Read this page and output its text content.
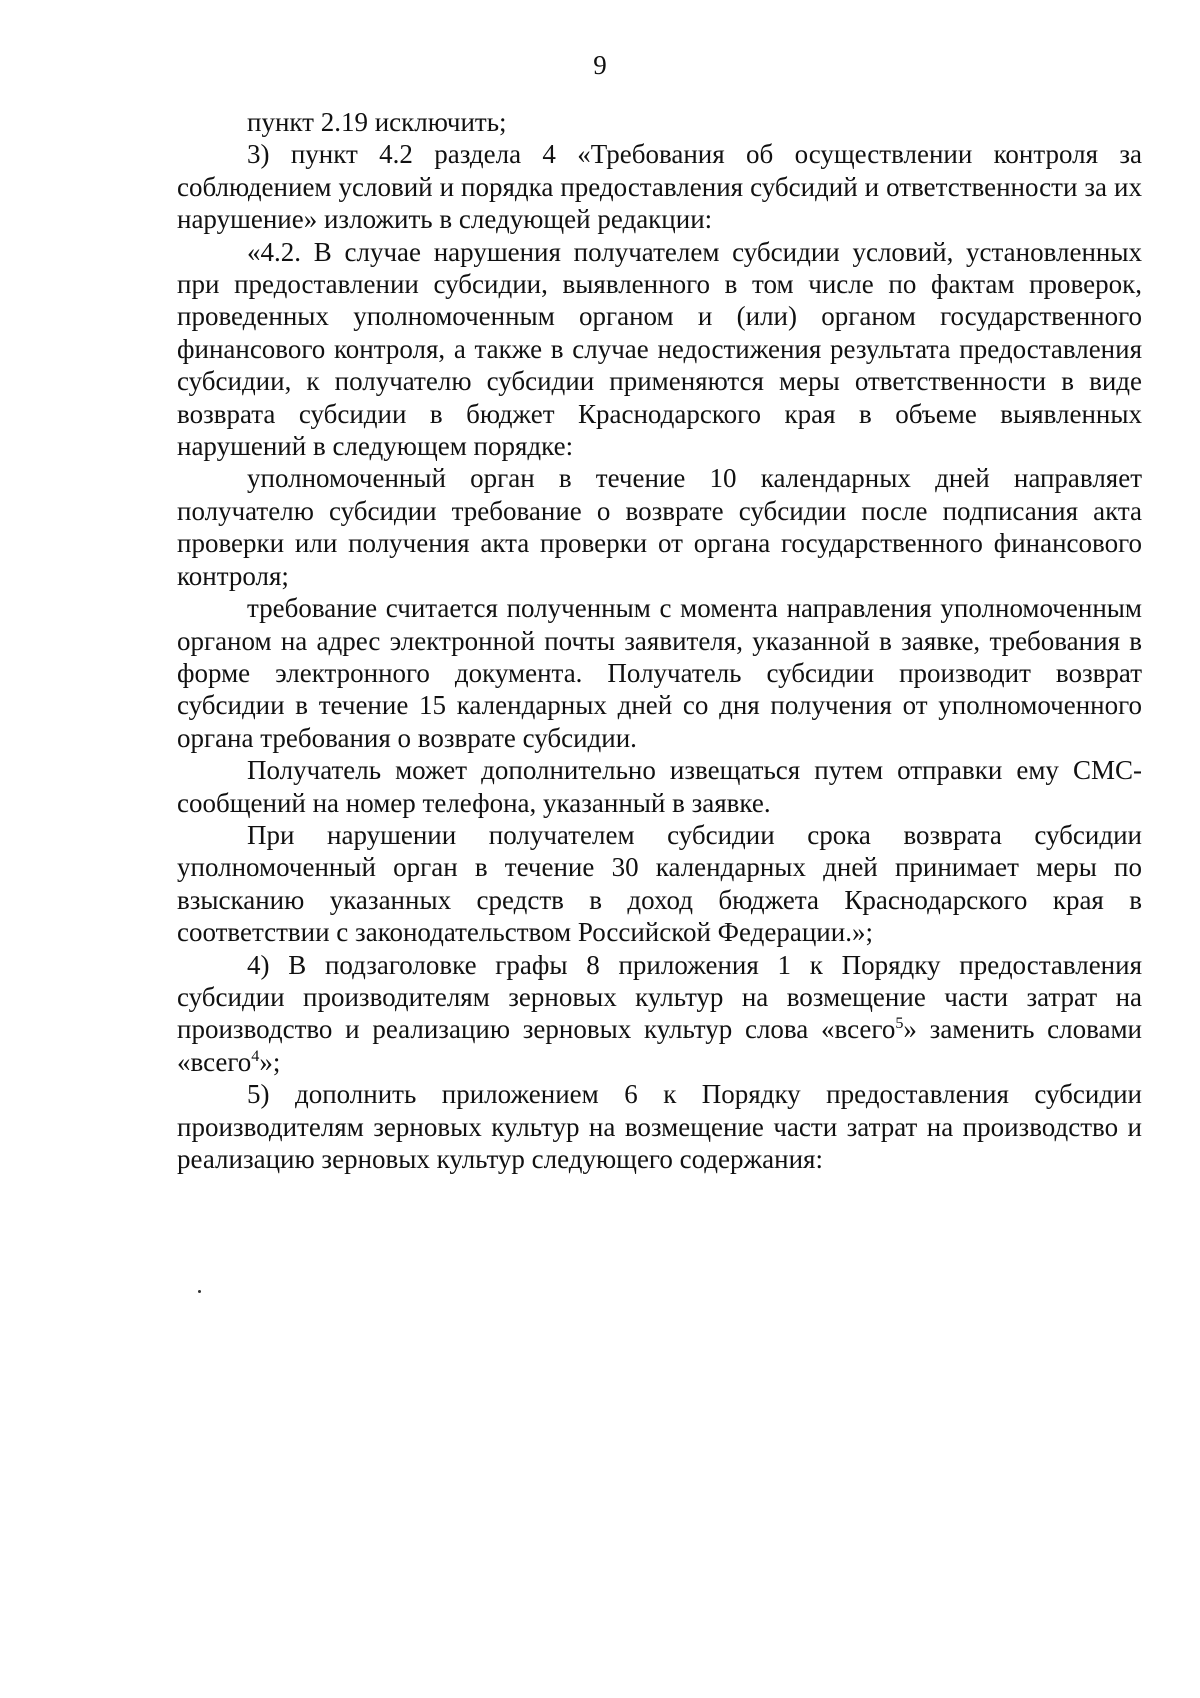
9

пункт 2.19 исключить;

3) пункт 4.2 раздела 4 «Требования об осуществлении контроля за соблюдением условий и порядка предоставления субсидий и ответственности за их нарушение» изложить в следующей редакции:

«4.2. В случае нарушения получателем субсидии условий, установленных при предоставлении субсидии, выявленного в том числе по фактам проверок, проведенных уполномоченным органом и (или) органом государственного финансового контроля, а также в случае недостижения результата предоставления субсидии, к получателю субсидии применяются меры ответственности в виде возврата субсидии в бюджет Краснодарского края в объеме выявленных нарушений в следующем порядке:

уполномоченный орган в течение 10 календарных дней направляет получателю субсидии требование о возврате субсидии после подписания акта проверки или получения акта проверки от органа государственного финансового контроля;

требование считается полученным с момента направления уполномоченным органом на адрес электронной почты заявителя, указанной в заявке, требования в форме электронного документа. Получатель субсидии производит возврат субсидии в течение 15 календарных дней со дня получения от уполномоченного органа требования о возврате субсидии.

Получатель может дополнительно извещаться путем отправки ему СМС-сообщений на номер телефона, указанный в заявке.

При нарушении получателем субсидии срока возврата субсидии уполномоченный орган в течение 30 календарных дней принимает меры по взысканию указанных средств в доход бюджета Краснодарского края в соответствии с законодательством Российской Федерации.»;

4) В подзаголовке графы 8 приложения 1 к Порядку предоставления субсидии производителям зерновых культур на возмещение части затрат на производство и реализацию зерновых культур слова «всего$^5$» заменить словами «всего$^4$»;

5) дополнить приложением 6 к Порядку предоставления субсидии производителям зерновых культур на возмещение части затрат на производство и реализацию зерновых культур следующего содержания:
